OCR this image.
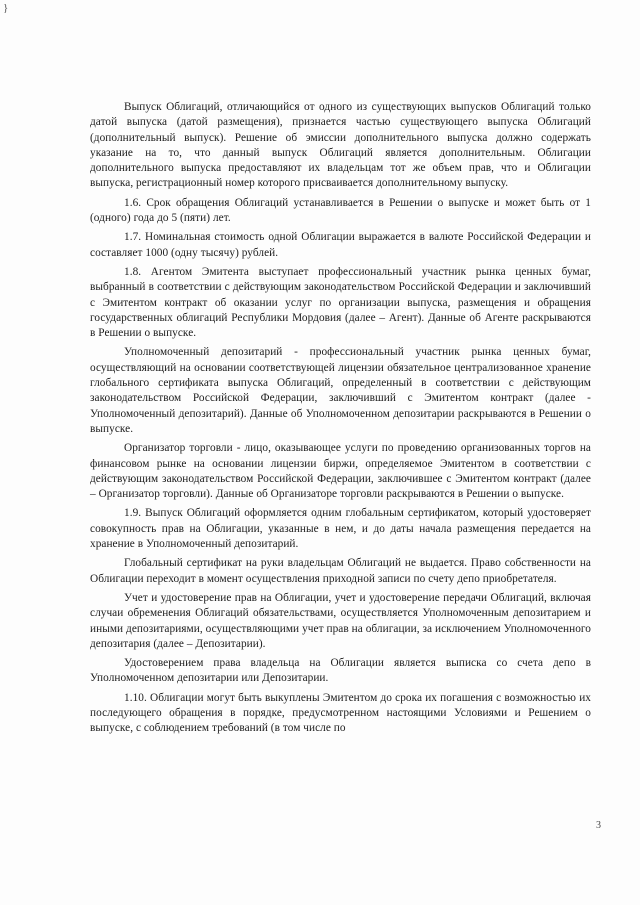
}

Выпуск Облигаций, отличающийся от одного из существующих выпусков Облигаций только датой выпуска (датой размещения), признается частью существующего выпуска Облигаций (дополнительный выпуск). Решение об эмиссии дополнительного выпуска должно содержать указание на то, что данный выпуск Облигаций является дополнительным. Облигации дополнительного выпуска предоставляют их владельцам тот же объем прав, что и Облигации выпуска, регистрационный номер которого присваивается дополнительному выпуску.

1.6. Срок обращения Облигаций устанавливается в Решении о выпуске и может быть от 1 (одного) года до 5 (пяти) лет.

1.7. Номинальная стоимость одной Облигации выражается в валюте Российской Федерации и составляет 1000 (одну тысячу) рублей.

1.8. Агентом Эмитента выступает профессиональный участник рынка ценных бумаг, выбранный в соответствии с действующим законодательством Российской Федерации и заключивший с Эмитентом контракт об оказании услуг по организации выпуска, размещения и обращения государственных облигаций Республики Мордовия (далее – Агент). Данные об Агенте раскрываются в Решении о выпуске.

Уполномоченный депозитарий - профессиональный участник рынка ценных бумаг, осуществляющий на основании соответствующей лицензии обязательное централизованное хранение глобального сертификата выпуска Облигаций, определенный в соответствии с действующим законодательством Российской Федерации, заключивший с Эмитентом контракт (далее - Уполномоченный депозитарий). Данные об Уполномоченном депозитарии раскрываются в Решении о выпуске.

Организатор торговли - лицо, оказывающее услуги по проведению организованных торгов на финансовом рынке на основании лицензии биржи, определяемое Эмитентом в соответствии с действующим законодательством Российской Федерации, заключившее с Эмитентом контракт (далее – Организатор торговли). Данные об Организаторе торговли раскрываются в Решении о выпуске.

1.9. Выпуск Облигаций оформляется одним глобальным сертификатом, который удостоверяет совокупность прав на Облигации, указанные в нем, и до даты начала размещения передается на хранение в Уполномоченный депозитарий.

Глобальный сертификат на руки владельцам Облигаций не выдается. Право собственности на Облигации переходит в момент осуществления приходной записи по счету депо приобретателя.

Учет и удостоверение прав на Облигации, учет и удостоверение передачи Облигаций, включая случаи обременения Облигаций обязательствами, осуществляется Уполномоченным депозитарием и иными депозитариями, осуществляющими учет прав на облигации, за исключением Уполномоченного депозитария (далее – Депозитарии).

Удостоверением права владельца на Облигации является выписка со счета депо в Уполномоченном депозитарии или Депозитарии.

1.10. Облигации могут быть выкуплены Эмитентом до срока их погашения с возможностью их последующего обращения в порядке, предусмотренном настоящими Условиями и Решением о выпуске, с соблюдением требований (в том числе по

3
